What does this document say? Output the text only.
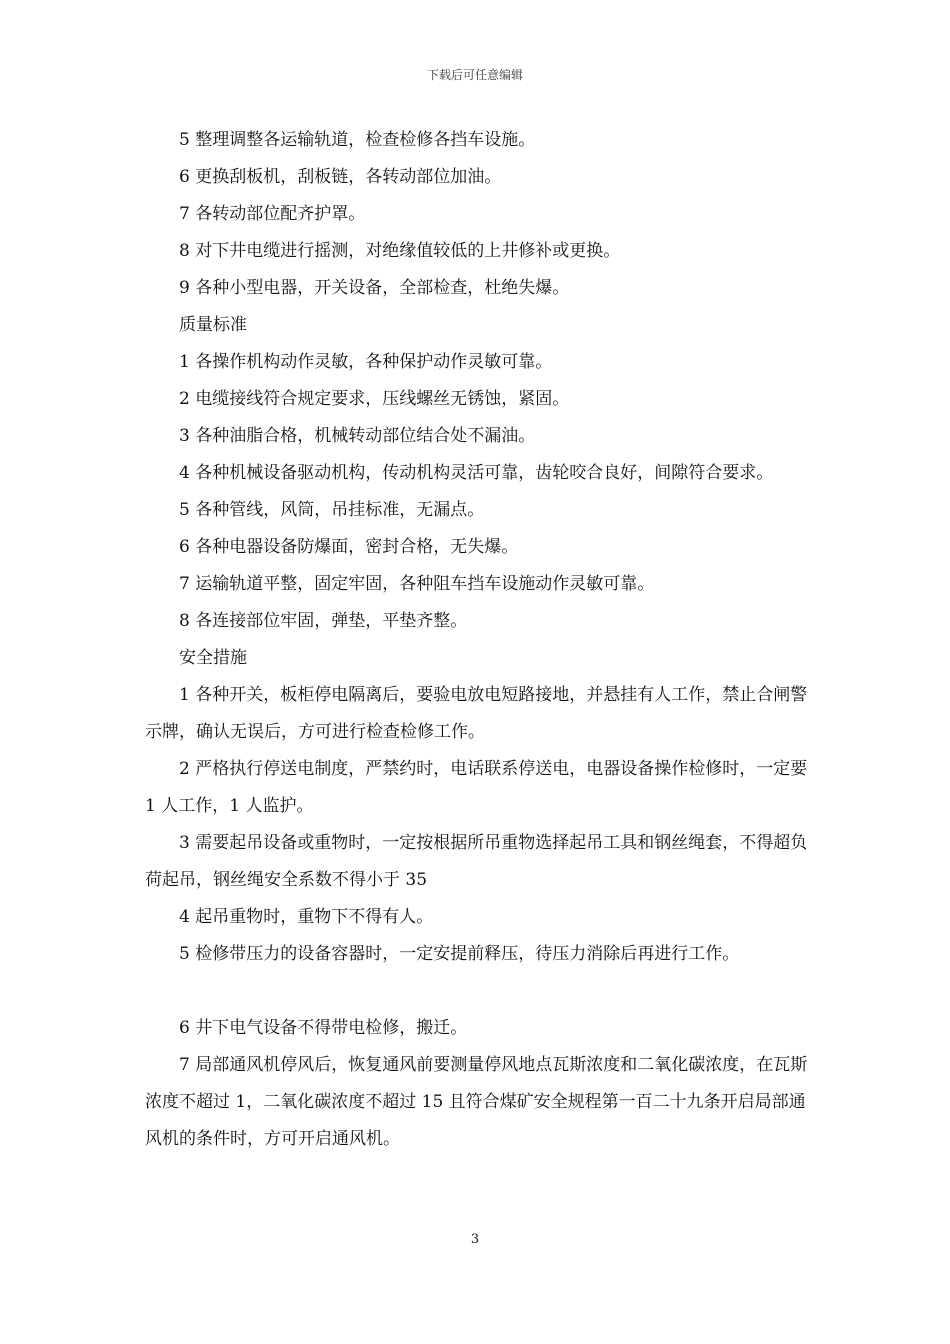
下载后可任意编辑

5 整理调整各运输轨道，检查检修各挡车设施。

6 更换刮板机，刮板链，各转动部位加油。

7 各转动部位配齐护罩。

8 对下井电缆进行摇测，对绝缘值较低的上井修补或更换。

9 各种小型电器，开关设备，全部检查，杜绝失爆。

质量标准

1 各操作机构动作灵敏，各种保护动作灵敏可靠。

2 电缆接线符合规定要求，压线螺丝无锈蚀，紧固。

3 各种油脂合格，机械转动部位结合处不漏油。

4 各种机械设备驱动机构，传动机构灵活可靠，齿轮咬合良好，间隙符合要求。

5 各种管线，风筒，吊挂标准，无漏点。

6 各种电器设备防爆面，密封合格，无失爆。

7 运输轨道平整，固定牢固，各种阻车挡车设施动作灵敏可靠。

8 各连接部位牢固，弹垫，平垫齐整。

安全措施

1 各种开关，板柜停电隔离后，要验电放电短路接地，并悬挂有人工作，禁止合闸警示牌，确认无误后，方可进行检查检修工作。

2 严格执行停送电制度，严禁约时，电话联系停送电，电器设备操作检修时，一定要 1 人工作，1 人监护。

3 需要起吊设备或重物时，一定按根据所吊重物选择起吊工具和钢丝绳套，不得超负荷起吊，钢丝绳安全系数不得小于 35

4 起吊重物时，重物下不得有人。

5 检修带压力的设备容器时，一定安提前释压，待压力消除后再进行工作。

6 井下电气设备不得带电检修，搬迁。

7 局部通风机停风后，恢复通风前要测量停风地点瓦斯浓度和二氧化碳浓度，在瓦斯浓度不超过 1，二氧化碳浓度不超过 15 且符合煤矿安全规程第一百二十九条开启局部通风机的条件时，方可开启通风机。

3
